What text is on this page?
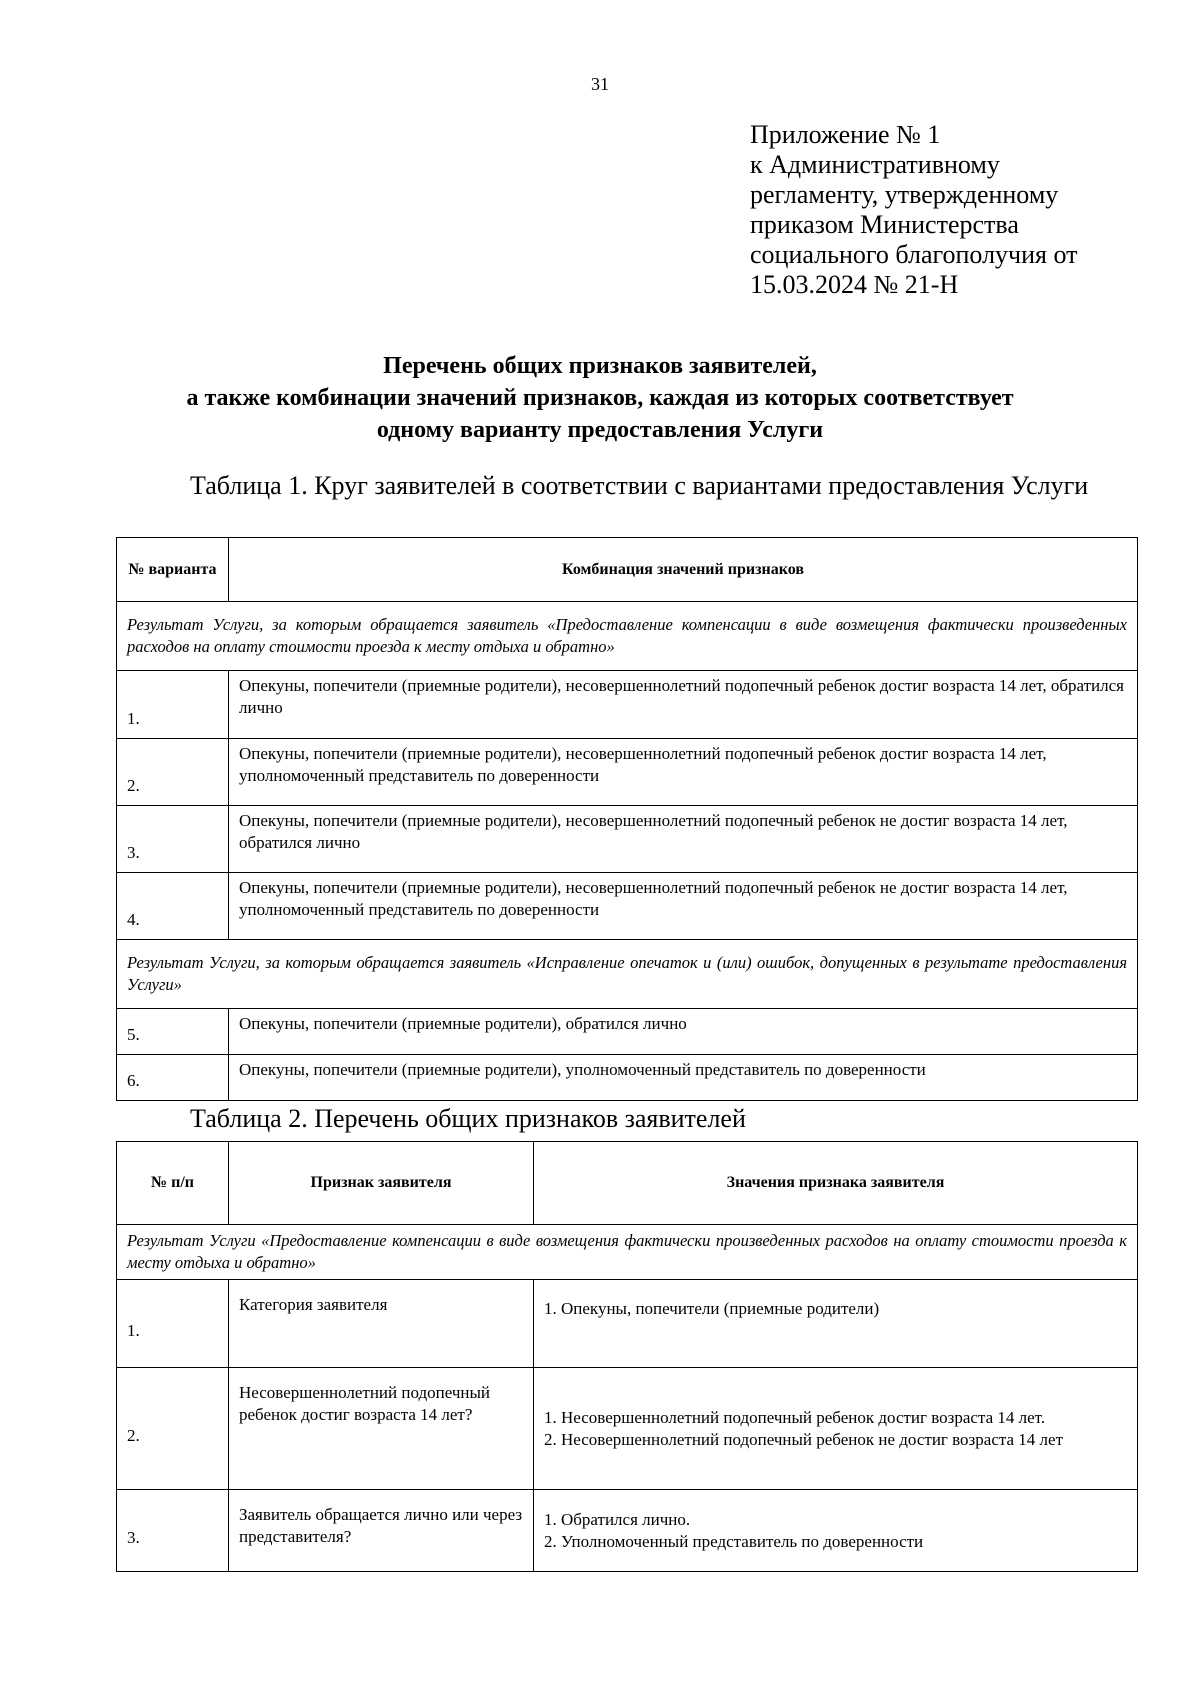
31
Приложение № 1
к Административному
регламенту, утвержденному
приказом Министерства
социального благополучия от
15.03.2024 № 21-Н
Перечень общих признаков заявителей,
а также комбинации значений признаков, каждая из которых соответствует
одному варианту предоставления Услуги
Таблица 1. Круг заявителей в соответствии с вариантами предоставления Услуги
№ варианта	Комбинация значений признаков
Результат Услуги, за которым обращается заявитель «Предоставление компенсации в виде возмещения фактически произведенных расходов на оплату стоимости проезда к месту отдыха и обратно»	
1.	Опекуны, попечители (приемные родители), несовершеннолетний подопечный ребенок достиг возраста 14 лет, обратился лично
2.	Опекуны, попечители (приемные родители), несовершеннолетний подопечный ребенок достиг возраста 14 лет, уполномоченный представитель по доверенности
3.	Опекуны, попечители (приемные родители), несовершеннолетний подопечный ребенок не достиг возраста 14 лет, обратился лично
4.	Опекуны, попечители (приемные родители), несовершеннолетний подопечный ребенок не достиг возраста 14 лет, уполномоченный представитель по доверенности
Результат Услуги, за которым обращается заявитель «Исправление опечаток и (или) ошибок, допущенных в результате предоставления Услуги»	
5.	Опекуны, попечители (приемные родители), обратился лично
6.	Опекуны, попечители (приемные родители), уполномоченный представитель по доверенности
Таблица 2. Перечень общих признаков заявителей
№ п/п	Признак заявителя	Значения признака заявителя
Результат Услуги «Предоставление компенсации в виде возмещения фактически произведенных расходов на оплату стоимости проезда к месту отдыха и обратно»		
1.	Категория заявителя	1. Опекуны, попечители (приемные родители)

2.	Несовершеннолетний подопечный ребенок достиг возраста 14 лет?	1. Несовершеннолетний подопечный ребенок достиг возраста 14 лет.
2. Несовершеннолетний подопечный ребенок не достиг возраста 14 лет

3.	Заявитель обращается лично или через представителя?	1. Обратился лично.
2. Уполномоченный представитель по доверенности
